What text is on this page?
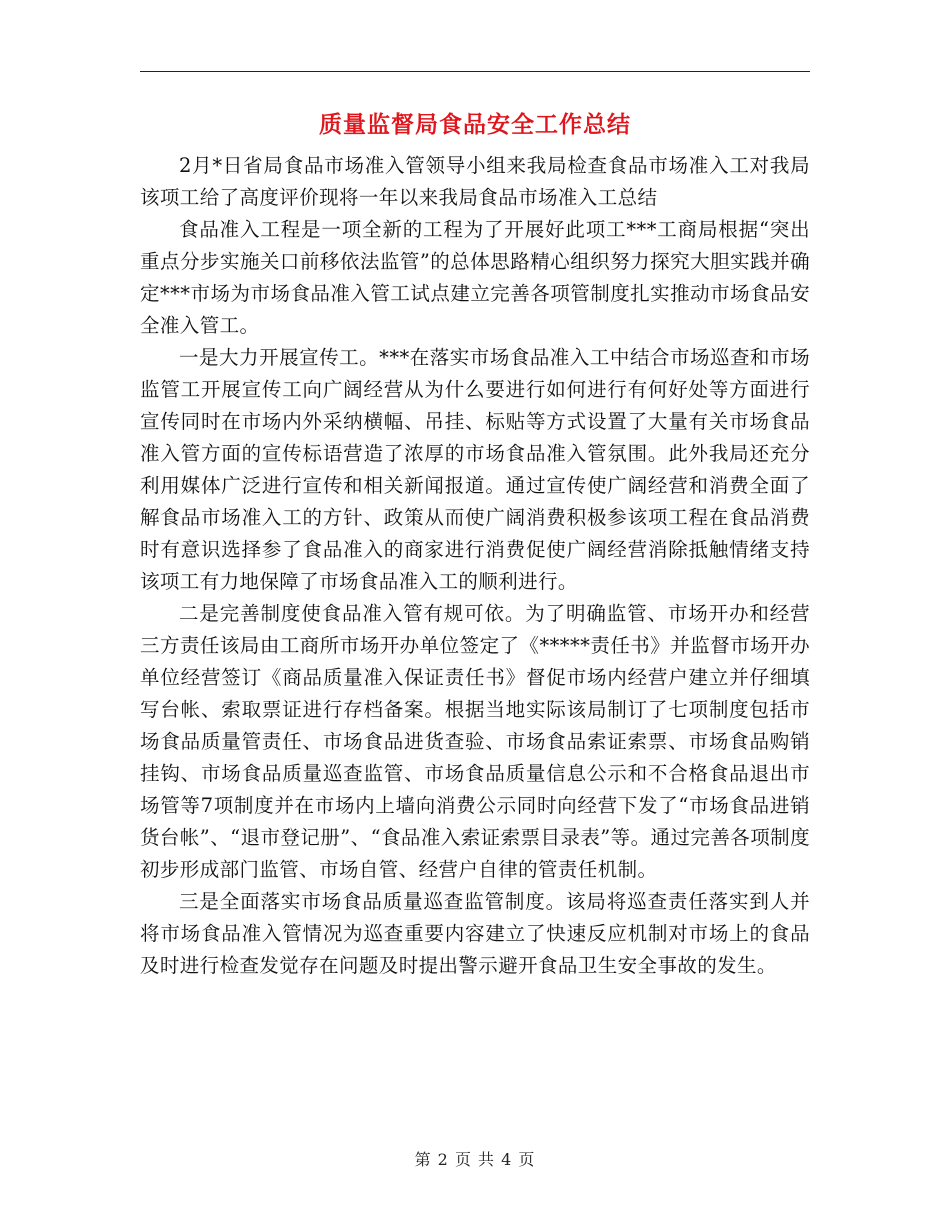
质量监督局食品安全工作总结

2月*日省局食品市场准入管领导小组来我局检查食品市场准入工对我局该项工给了高度评价现将一年以来我局食品市场准入工总结

食品准入工程是一项全新的工程为了开展好此项工***工商局根据“突出重点分步实施关口前移依法监管”的总体思路精心组织努力探究大胆实践并确定***市场为市场食品准入管工试点建立完善各项管制度扎实推动市场食品安全准入管工。

一是大力开展宣传工。***在落实市场食品准入工中结合市场巡查和市场监管工开展宣传工向广阔经营从为什么要进行如何进行有何好处等方面进行宣传同时在市场内外采纳横幅、吊挂、标贴等方式设置了大量有关市场食品准入管方面的宣传标语营造了浓厚的市场食品准入管氛围。此外我局还充分利用媒体广泛进行宣传和相关新闻报道。通过宣传使广阔经营和消费全面了解食品市场准入工的方针、政策从而使广阔消费积极参该项工程在食品消费时有意识选择参了食品准入的商家进行消费促使广阔经营消除抵触情绪支持该项工有力地保障了市场食品准入工的顺利进行。

二是完善制度使食品准入管有规可依。为了明确监管、市场开办和经营三方责任该局由工商所市场开办单位签定了《*****责任书》并监督市场开办单位经营签订《商品质量准入保证责任书》督促市场内经营户建立并仔细填写台帐、索取票证进行存档备案。根据当地实际该局制订了七项制度包括市场食品质量管责任、市场食品进货查验、市场食品索证索票、市场食品购销挂钩、市场食品质量巡查监管、市场食品质量信息公示和不合格食品退出市场管等7项制度并在市场内上墙向消费公示同时向经营下发了“市场食品进销货台帐”、“退市登记册”、“食品准入索证索票目录表”等。通过完善各项制度初步形成部门监管、市场自管、经营户自律的管责任机制。

三是全面落实市场食品质量巡查监管制度。该局将巡查责任落实到人并将市场食品准入管情况为巡查重要内容建立了快速反应机制对市场上的食品及时进行检查发觉存在问题及时提出警示避开食品卫生安全事故的发生。

第 2 页 共 4 页
